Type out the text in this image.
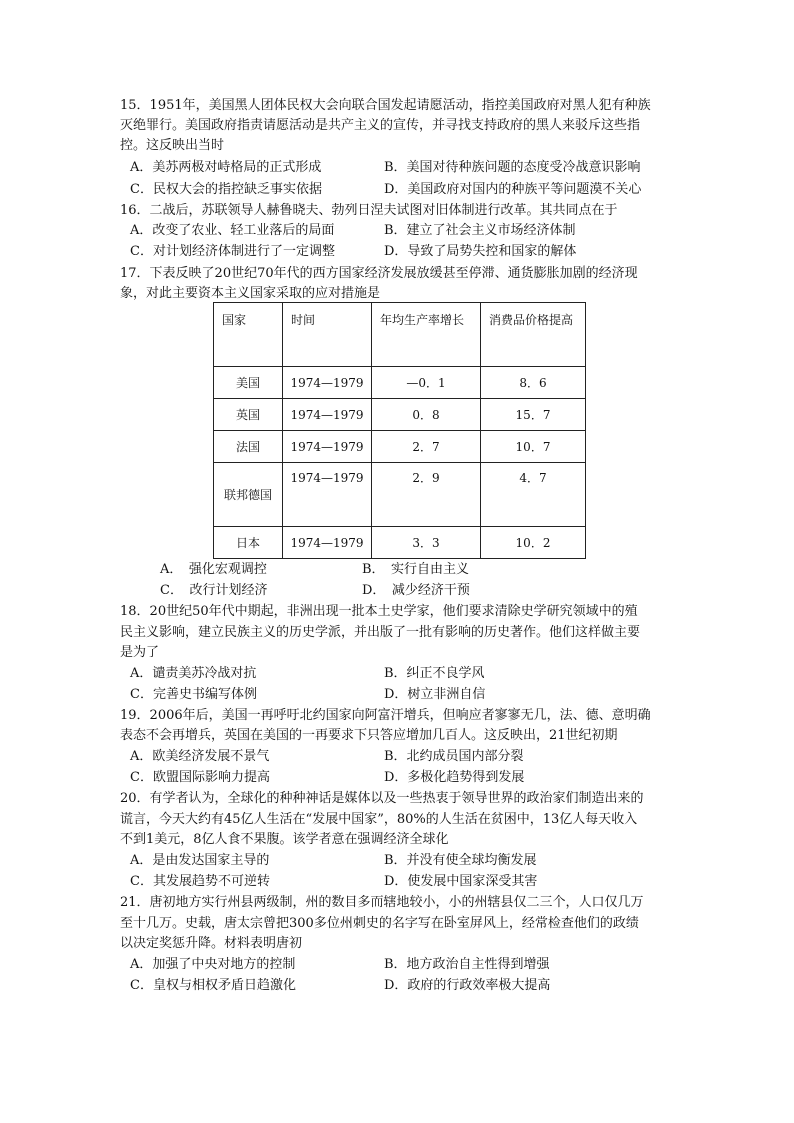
15．1951年，美国黑人团体民权大会向联合国发起请愿活动，指控美国政府对黑人犯有种族
灭绝罪行。美国政府指责请愿活动是共产主义的宣传，并寻找支持政府的黑人来驳斥这些指
控。这反映出当时
A．美苏两极对峙格局的正式形成	B．美国对待种族问题的态度受冷战意识影响
C．民权大会的指控缺乏事实依据	D．美国政府对国内的种族平等问题漠不关心
16．二战后，苏联领导人赫鲁晓夫、勃列日涅夫试图对旧体制进行改革。其共同点在于
A．改变了农业、轻工业落后的局面	B．建立了社会主义市场经济体制
C．对计划经济体制进行了一定调整	D．导致了局势失控和国家的解体
17．下表反映了20世纪70年代的西方国家经济发展放缓甚至停滞、通货膨胀加剧的经济现
象，对此主要资本主义国家采取的应对措施是
国家	时间	年均生产率增长	消费品价格提高
美国	1974—1979	—0．1	8．6
英国	1974—1979	0．8	15．7
法国	1974—1979	2．7	10．7
联邦德国	1974—1979	2．9	4．7
日本	1974—1979	3．3	10．2
A．　强化宏观调控	B．　实行自由主义
C．　改行计划经济	D．　减少经济干预
18．20世纪50年代中期起，非洲出现一批本土史学家，他们要求清除史学研究领域中的殖
民主义影响，建立民族主义的历史学派，并出版了一批有影响的历史著作。他们这样做主要
是为了
A．谴责美苏冷战对抗	B．纠正不良学风
C．完善史书编写体例	D．树立非洲自信
19．2006年后，美国一再呼吁北约国家向阿富汗增兵，但响应者寥寥无几，法、德、意明确
表态不会再增兵，英国在美国的一再要求下只答应增加几百人。这反映出，21世纪初期
A．欧美经济发展不景气	B．北约成员国内部分裂
C．欧盟国际影响力提高	D．多极化趋势得到发展
20．有学者认为，全球化的种种神话是媒体以及一些热衷于领导世界的政治家们制造出来的
谎言，今天大约有45亿人生活在“发展中国家”，80%的人生活在贫困中，13亿人每天收入
不到1美元，8亿人食不果腹。该学者意在强调经济全球化
A．是由发达国家主导的	B．并没有使全球均衡发展
C．其发展趋势不可逆转	D．使发展中国家深受其害
21．唐初地方实行州县两级制，州的数目多而辖地较小，小的州辖县仅二三个，人口仅几万
至十几万。史载，唐太宗曾把300多位州刺史的名字写在卧室屏风上，经常检查他们的政绩
以决定奖惩升降。材料表明唐初
A．加强了中央对地方的控制	B．地方政治自主性得到增强
C．皇权与相权矛盾日趋激化	D．政府的行政效率极大提高
